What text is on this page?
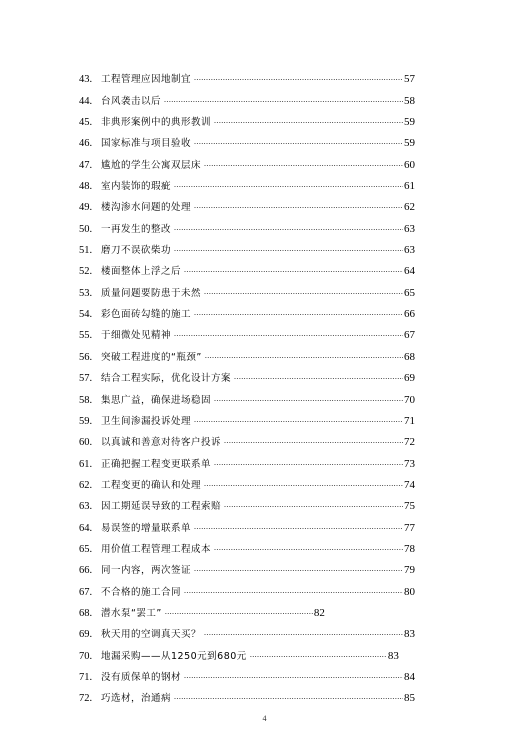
43. 工程管理应因地制宜 .....	57
44. 台风袭击以后 .....	58
45. 非典形案例中的典形教训 .....	59
46. 国家标准与项目验收 .....	59
47. 尴尬的学生公寓双层床 .....	60
48. 室内装饰的瑕疵 .....	61
49. 楼沟渗水问题的处理 .....	62
50. 一再发生的整改 .....	63
51. 磨刀不误砍柴功 .....	63
52. 楼面整体上浮之后 .....	64
53. 质量问题要防患于未然 .....	65
54. 彩色面砖勾缝的施工 .....	66
55. 于细微处见精神 .....	67
56. 突破工程进度的“瓶颈” .....	68
57. 结合工程实际，优化设计方案 .....	69
58. 集思广益，确保进场稳固 .....	70
59. 卫生间渗漏投诉处理 .....	71
60. 以真诚和善意对待客户投诉 .....	72
61. 正确把握工程变更联系单 .....	73
62. 工程变更的确认和处理 .....	74
63. 因工期延误导致的工程索赔 .....	75
64. 易误签的增量联系单 .....	77
65. 用价值工程管理工程成本 .....	78
66. 同一内容，两次签证 .....	79
67. 不合格的施工合同 .....	80
68. 潜水泵“罢工” .....	82
69. 秋天用的空调真天买？ .....	83
70. 地漏采购——从1250元到680元 .....	83
71. 没有质保单的钢材 .....	84
72. 巧选材，治通病 .....	85
4
